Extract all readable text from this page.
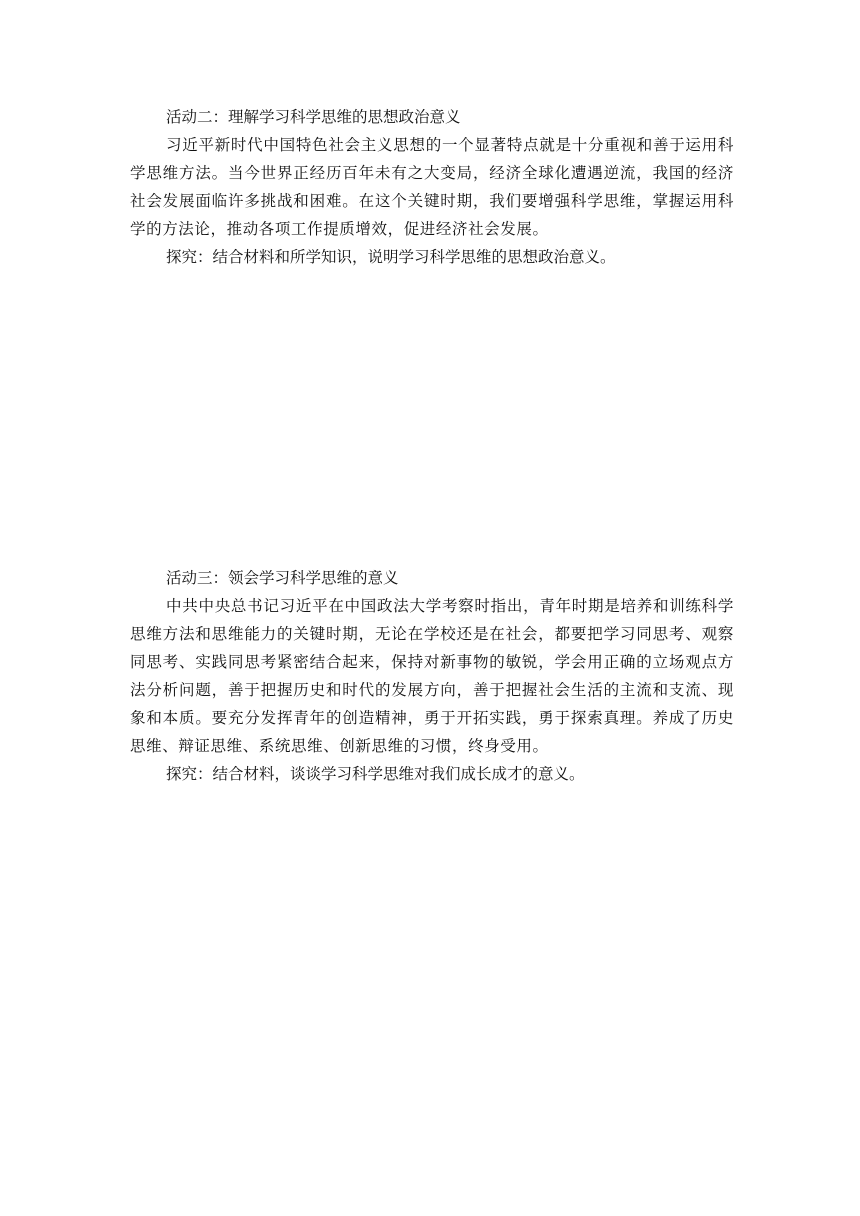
活动二：理解学习科学思维的思想政治意义

习近平新时代中国特色社会主义思想的一个显著特点就是十分重视和善于运用科学思维方法。当今世界正经历百年未有之大变局，经济全球化遭遇逆流，我国的经济社会发展面临许多挑战和困难。在这个关键时期，我们要增强科学思维，掌握运用科学的方法论，推动各项工作提质增效，促进经济社会发展。

探究：结合材料和所学知识，说明学习科学思维的思想政治意义。
活动三：领会学习科学思维的意义

中共中央总书记习近平在中国政法大学考察时指出，青年时期是培养和训练科学思维方法和思维能力的关键时期，无论在学校还是在社会，都要把学习同思考、观察同思考、实践同思考紧密结合起来，保持对新事物的敏锐，学会用正确的立场观点方法分析问题，善于把握历史和时代的发展方向，善于把握社会生活的主流和支流、现象和本质。要充分发挥青年的创造精神，勇于开拓实践，勇于探索真理。养成了历史思维、辩证思维、系统思维、创新思维的习惯，终身受用。

探究：结合材料，谈谈学习科学思维对我们成长成才的意义。
